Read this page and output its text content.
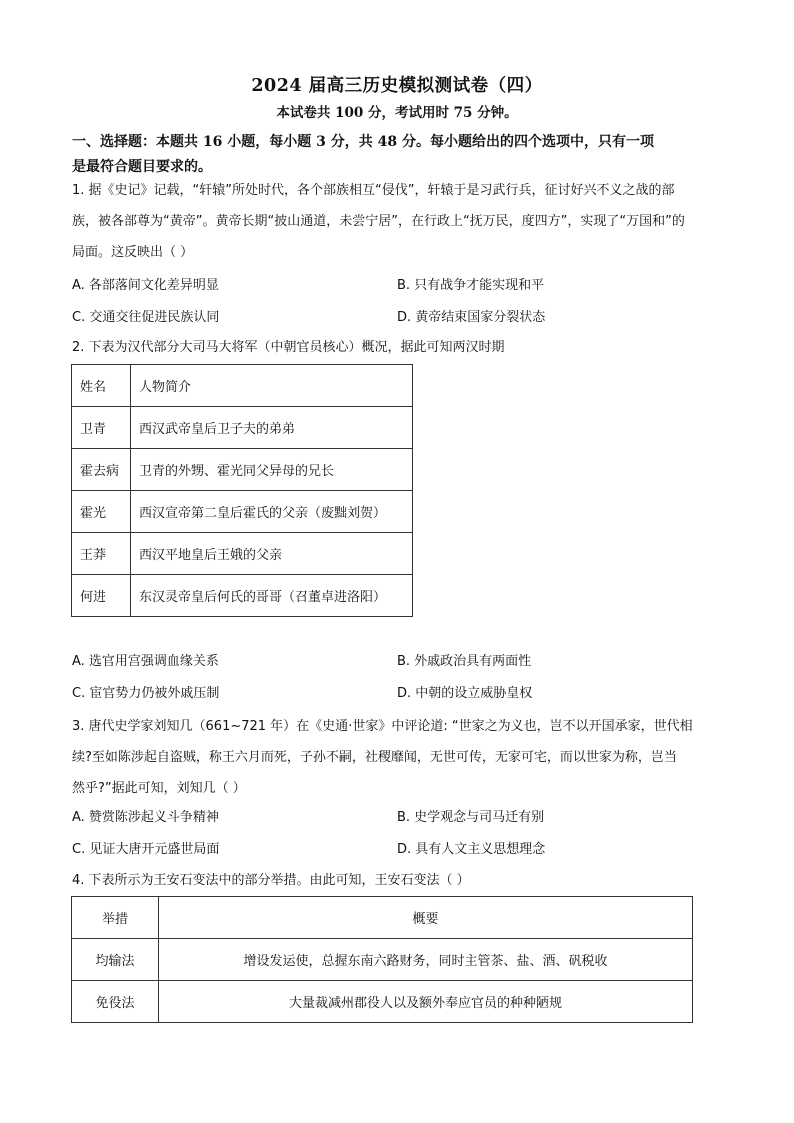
2024 届高三历史模拟测试卷（四）
本试卷共 100 分，考试用时 75 分钟。
一、选择题：本题共 16 小题，每小题 3 分，共 48 分。每小题给出的四个选项中，只有一项
是最符合题目要求的。
1. 据《史记》记载，“轩辕”所处时代，各个部族相互“侵伐”，轩辕于是习武行兵，征讨好兴不义之战的部
族，被各部尊为“黄帝”。黄帝长期“披山通道，未尝宁居”，在行政上“抚万民，度四方”，实现了“万国和”的
局面。这反映出（ ）
A. 各部落间文化差异明显	B. 只有战争才能实现和平
C. 交通交往促进民族认同	D. 黄帝结束国家分裂状态
2. 下表为汉代部分大司马大将军（中朝官员核心）概况，据此可知两汉时期
姓名	人物简介
卫青	西汉武帝皇后卫子夫的弟弟
霍去病	卫青的外甥、霍光同父异母的兄长
霍光	西汉宣帝第二皇后霍氏的父亲（废黜刘贺）
王莽	西汉平地皇后王娥的父亲
何进	东汉灵帝皇后何氏的哥哥（召董卓进洛阳）
A. 选官用宫强调血缘关系	B. 外戚政治具有两面性
C. 宦官势力仍被外戚压制	D. 中朝的设立威胁皇权
3. 唐代史学家刘知几（661~721 年）在《史通·世家》中评论道: “世家之为义也，岂不以开国承家，世代相
续?至如陈涉起自盗贼，称王六月而死，子孙不嗣，社稷靡闻，无世可传，无家可宅，而以世家为称，岂当
然乎?”据此可知，刘知几（ ）
A. 赞赏陈涉起义斗争精神	B. 史学观念与司马迁有别
C. 见证大唐开元盛世局面	D. 具有人文主义思想理念
4. 下表所示为王安石变法中的部分举措。由此可知，王安石变法（ ）
举措	概要
均输法	增设发运使，总握东南六路财务，同时主管茶、盐、酒、矾税收
免役法	大量裁减州郡役人以及额外奉应官员的种种陋规
